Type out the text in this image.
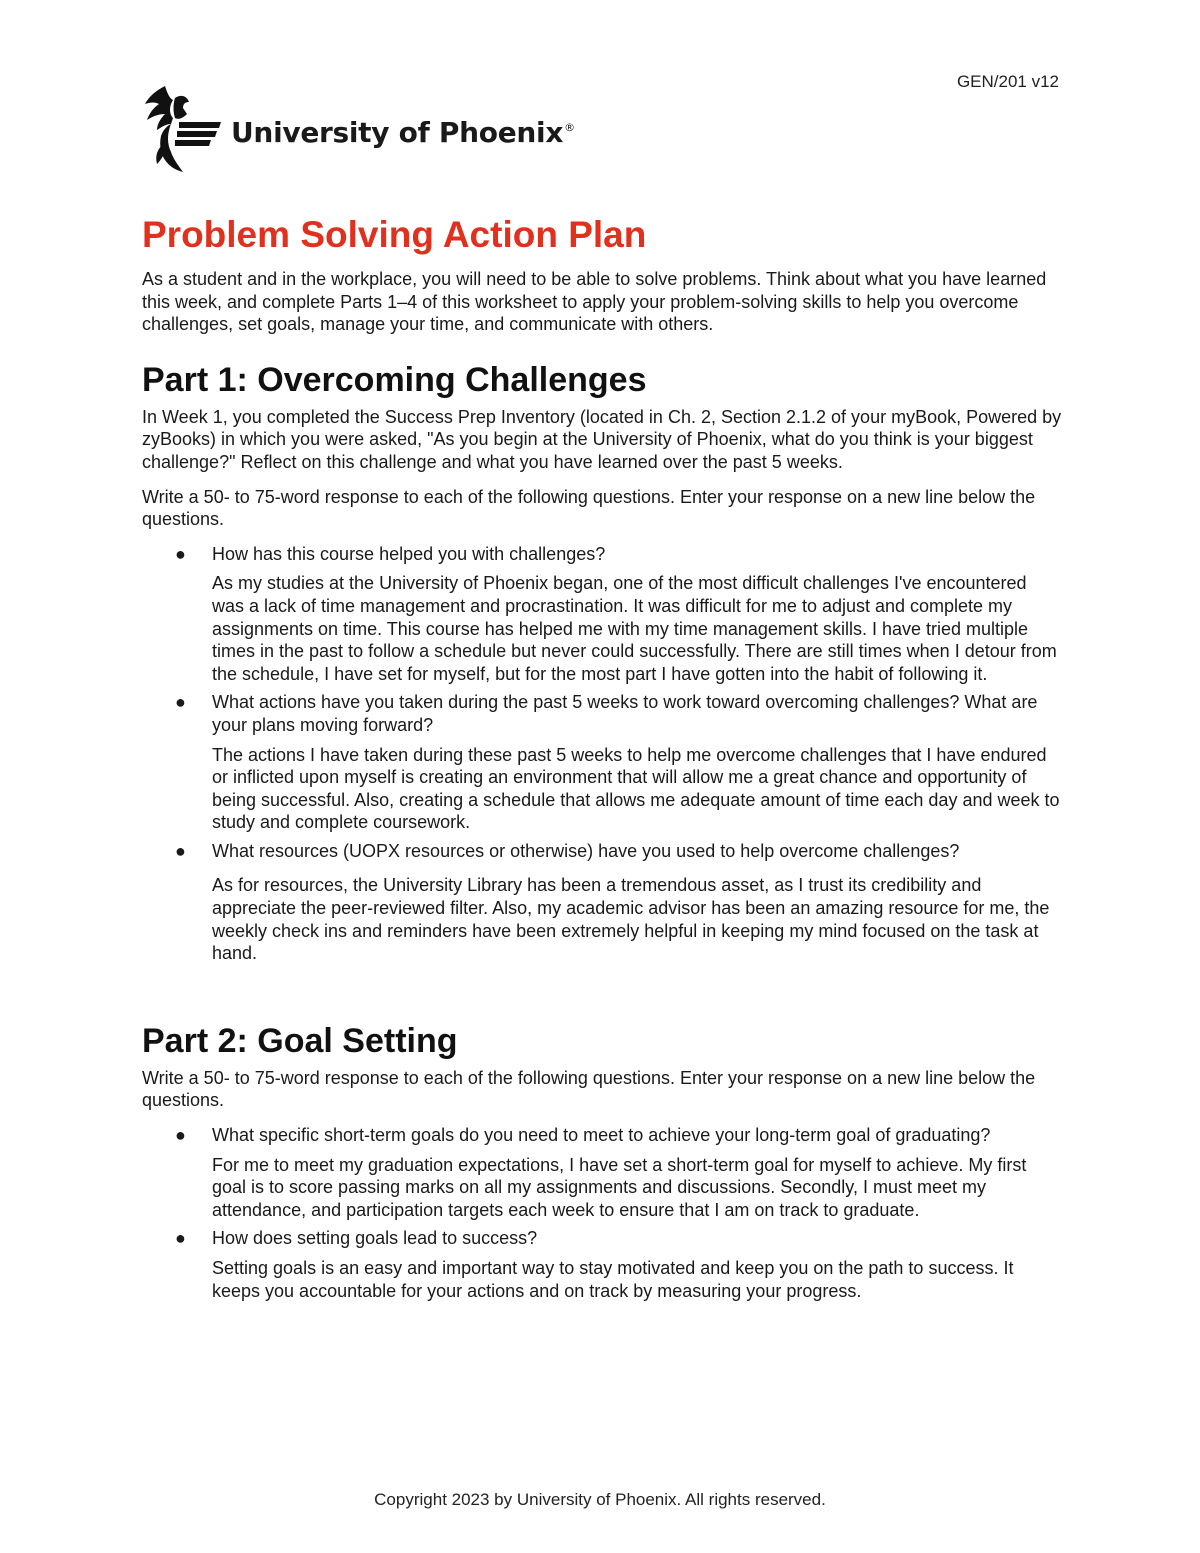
GEN/201 v12
University of Phoenix®
Problem Solving Action Plan

As a student and in the workplace, you will need to be able to solve problems. Think about what you have learned this week, and complete Parts 1–4 of this worksheet to apply your problem-solving skills to help you overcome challenges, set goals, manage your time, and communicate with others.

Part 1: Overcoming Challenges

In Week 1, you completed the Success Prep Inventory (located in Ch. 2, Section 2.1.2 of your myBook, Powered by zyBooks) in which you were asked, "As you begin at the University of Phoenix, what do you think is your biggest challenge?" Reflect on this challenge and what you have learned over the past 5 weeks.

Write a 50- to 75-word response to each of the following questions. Enter your response on a new line below the questions.

● How has this course helped you with challenges?
As my studies at the University of Phoenix began, one of the most difficult challenges I've encountered was a lack of time management and procrastination. It was difficult for me to adjust and complete my assignments on time. This course has helped me with my time management skills. I have tried multiple times in the past to follow a schedule but never could successfully. There are still times when I detour from the schedule, I have set for myself, but for the most part I have gotten into the habit of following it.
● What actions have you taken during the past 5 weeks to work toward overcoming challenges? What are your plans moving forward?
The actions I have taken during these past 5 weeks to help me overcome challenges that I have endured or inflicted upon myself is creating an environment that will allow me a great chance and opportunity of being successful. Also, creating a schedule that allows me adequate amount of time each day and week to study and complete coursework.
● What resources (UOPX resources or otherwise) have you used to help overcome challenges?
As for resources, the University Library has been a tremendous asset, as I trust its credibility and appreciate the peer-reviewed filter. Also, my academic advisor has been an amazing resource for me, the weekly check ins and reminders have been extremely helpful in keeping my mind focused on the task at hand.
Part 2: Goal Setting

Write a 50- to 75-word response to each of the following questions. Enter your response on a new line below the questions.

● What specific short-term goals do you need to meet to achieve your long-term goal of graduating?
For me to meet my graduation expectations, I have set a short-term goal for myself to achieve. My first goal is to score passing marks on all my assignments and discussions. Secondly, I must meet my attendance, and participation targets each week to ensure that I am on track to graduate.
● How does setting goals lead to success?
Setting goals is an easy and important way to stay motivated and keep you on the path to success. It keeps you accountable for your actions and on track by measuring your progress.
Copyright 2023 by University of Phoenix. All rights reserved.
